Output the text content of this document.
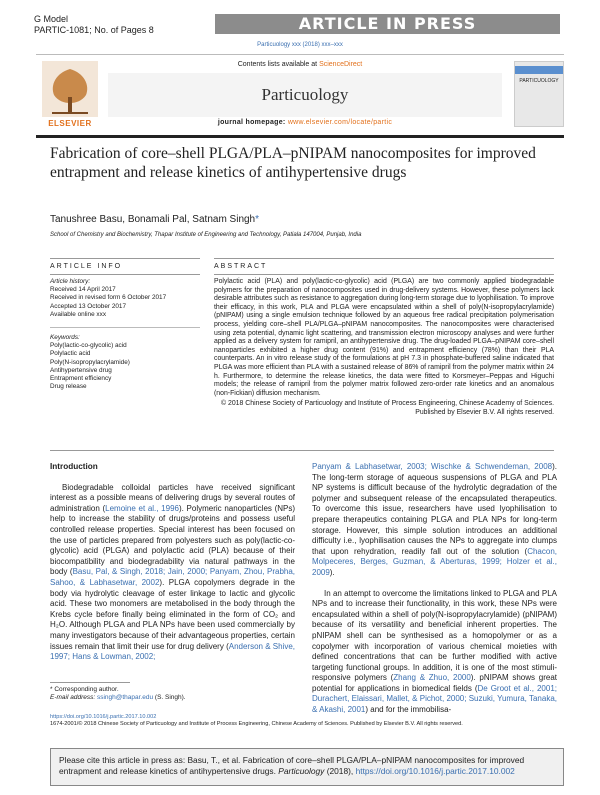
G Model
PARTIC-1081; No. of Pages 8	ARTICLE IN PRESS
Particuology xxx (2018) xxx–xxx
ELSEVIER
Contents lists available at ScienceDirect
Particuology
journal homepage: www.elsevier.com/locate/partic
PARTICUOLOGY
Fabrication of core–shell PLGA/PLA–pNIPAM nanocomposites for improved entrapment and release kinetics of antihypertensive drugs
Tanushree Basu, Bonamali Pal, Satnam Singh*
School of Chemistry and Biochemistry, Thapar Institute of Engineering and Technology, Patiala 147004, Punjab, India
ARTICLE INFO	ABSTRACT
Article history:
Received 14 April 2017
Received in revised form 6 October 2017
Accepted 13 October 2017
Available online xxx
Keywords:
Poly(lactic-co-glycolic) acid
Polylactic acid
Poly(N-isopropylacrylamide)
Antihypertensive drug
Entrapment efficiency
Drug release
Polylactic acid (PLA) and poly(lactic-co-glycolic) acid (PLGA) are two commonly applied biodegradable polymers for the preparation of nanocomposites used in drug-delivery systems. However, these polymers lack desirable attributes such as resistance to aggregation during long-term storage due to lyophilisation. To improve their efficacy, in this work, PLA and PLGA were encapsulated within a shell of poly(N-isopropylacrylamide) (pNIPAM) using a single emulsion technique followed by an aqueous free radical precipitation polymerisation process, yielding core–shell PLA/PLGA–pNIPAM nanocomposites. The nanocomposites were characterised using zeta potential, dynamic light scattering, and transmission electron microscopy analyses and were further applied as a delivery system for ramipril, an antihypertensive drug. The drug-loaded PLGA–pNIPAM core–shell nanoparticles exhibited a higher drug content (91%) and entrapment efficiency (78%) than their PLA counterparts. An in vitro release study of the formulations at pH 7.3 in phosphate-buffered saline indicated that PLGA was more efficient than PLA with a sustained release of 86% of ramipril from the polymer matrix within 24 h. Furthermore, to determine the release kinetics, the data were fitted to Korsmeyer–Peppas and Higuchi models; the release of ramipril from the polymer matrix followed zero-order rate kinetics and an anomalous (non-Fickian) diffusion mechanism.
© 2018 Chinese Society of Particuology and Institute of Process Engineering, Chinese Academy of Sciences. Published by Elsevier B.V. All rights reserved.
Introduction

Biodegradable colloidal particles have received significant interest as a possible means of delivering drugs by several routes of administration (Lemoine et al., 1996). Polymeric nanoparticles (NPs) help to increase the stability of drugs/proteins and possess useful controlled release properties. Special interest has been focused on the use of particles prepared from polyesters such as poly(lactic-co-glycolic) acid (PLGA) and polylactic acid (PLA) because of their biocompatibility and biodegradability via natural pathways in the body (Basu, Pal, & Singh, 2018; Jain, 2000; Panyam, Zhou, Prabha, Sahoo, & Labhasetwar, 2002). PLGA copolymers degrade in the body via hydrolytic cleavage of ester linkage to lactic and glycolic acid. These two monomers are metabolised in the body through the Krebs cycle before finally being eliminated in the form of CO₂ and H₂O. Although PLGA and PLA NPs have been used commercially by many investigators because of their advantageous properties, certain issues remain that limit their use for drug delivery (Anderson & Shive, 1997; Hans & Lowman, 2002;

Panyam & Labhasetwar, 2003; Wischke & Schwendeman, 2008). The long-term storage of aqueous suspensions of PLGA and PLA NP systems is difficult because of the hydrolytic degradation of the polymer and subsequent release of the encapsulated therapeutics. To overcome this issue, researchers have used lyophilisation to prepare therapeutics containing PLGA and PLA NPs for long-term storage. However, this simple solution introduces an additional difficulty i.e., lyophilisation causes the NPs to aggregate into clumps that upon rehydration, readily fall out of the solution (Chacon, Molpeceres, Berges, Guzman, & Aberturas, 1999; Holzer et al., 2009).

In an attempt to overcome the limitations linked to PLGA and PLA NPs and to increase their functionality, in this work, these NPs were encapsulated within a shell of poly(N-isopropylacrylamide) (pNIPAM) because of its versatility and beneficial inherent properties. The pNIPAM shell can be synthesised as a homopolymer or as a copolymer with incorporation of various chemical moieties with defined concentrations that can be further modified with active targeting functional groups. In addition, it is one of the most stimuli-responsive polymers (Zhang & Zhuo, 2000). pNIPAM shows great potential for applications in biomedical fields (De Groot et al., 2001; Durachert, Elaissari, Mallet, & Pichot, 2000; Suzuki, Yumura, Tanaka, & Akashi, 2001) and for the immobilisa-

* Corresponding author.
E-mail address: ssingh@thapar.edu (S. Singh).
https://doi.org/10.1016/j.partic.2017.10.002
1674-2001/© 2018 Chinese Society of Particuology and Institute of Process Engineering, Chinese Academy of Sciences. Published by Elsevier B.V. All rights reserved.
Please cite this article in press as: Basu, T., et al. Fabrication of core–shell PLGA/PLA–pNIPAM nanocomposites for improved entrapment and release kinetics of antihypertensive drugs. Particuology (2018), https://doi.org/10.1016/j.partic.2017.10.002
